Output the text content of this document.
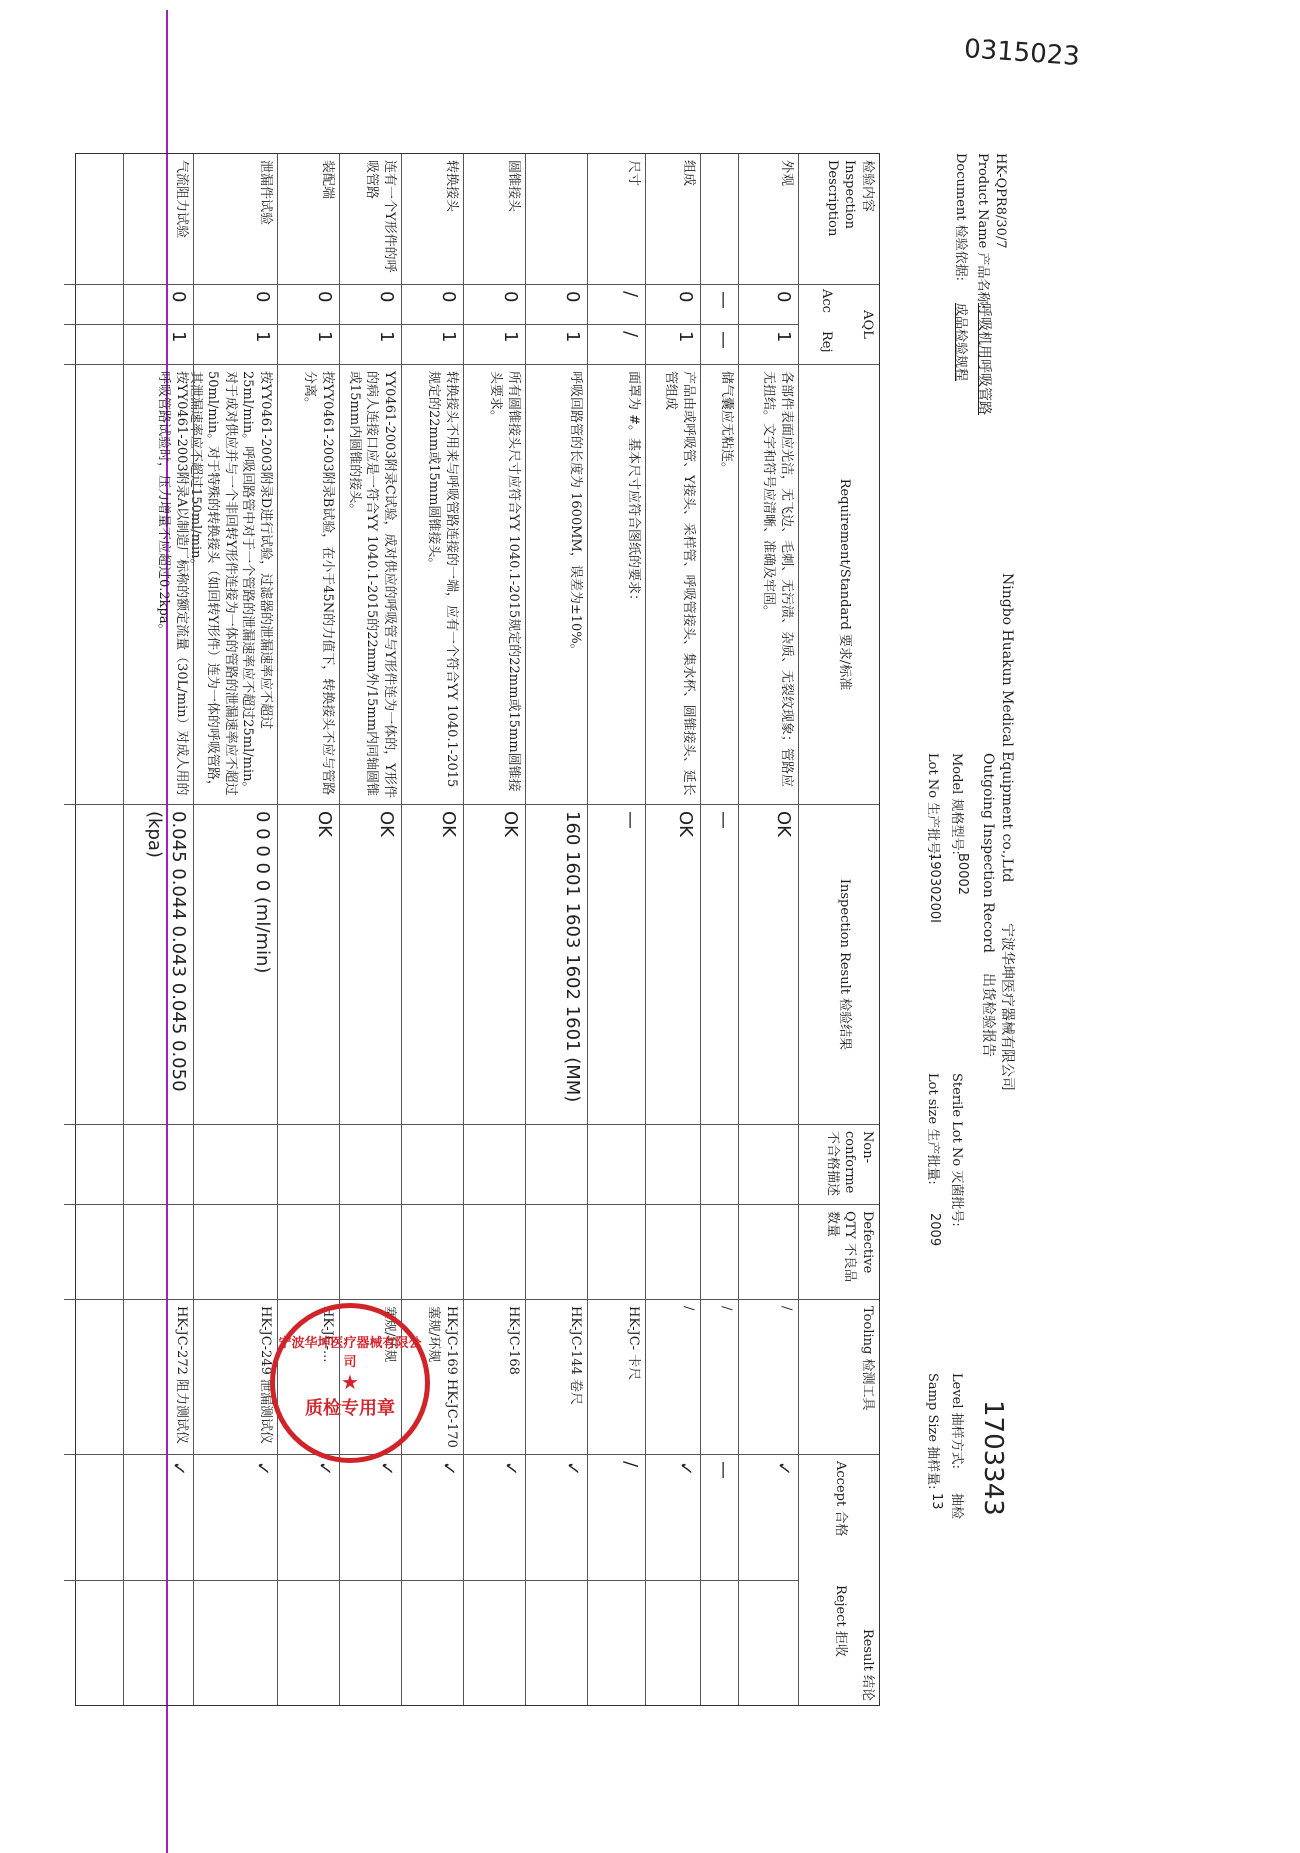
0315023
1703343
HK-QPR8/30/7
Product Name 产品名称:
呼吸机用呼吸管路
Document 检验依据:
成品检验规程
Ningbo Huakun Medical Equipment co.,Ltd
宁波华坤医疗器械有限公司
Outgoing Inspection Record
出货检验报告
Model 规格型号:
B0002
Lot No 生产批号:
19030200I
Sterile Lot No 灭菌批号:
Lot size 生产批量:
2009
Level 抽样方式:
抽检
Samp Size 抽样量:
13
检验内容 Inspection Description
AQL
Acc
Rej
Requirement/Standard 要求/标准
Inspection Result 检验结果
Non-conforme 不合格描述
Defective QTY 不良品数量
Tooling 检测工具
Result 结论
Accept 合格
Reject 拒收
外观
0
1
各部件表面应光洁，无飞边、毛刺、无污渍、杂质、无裂纹现象；管路应无扭结。文字和符号应清晰、准确及牢固。
OK
/
✓
—
—
储气囊应无粘连。
—
/
—
组成
0
1
产品由或呼吸管、Y接头、采样管、呼吸管接头、集水杯、圆锥接头、延长管组成
OK
/
✓
尺寸
/
/
面罩为 #。基本尺寸应符合图纸的要求：
—
HK-JC- 卡尺
/
0
1
呼吸回路管的长度为 1600MM，误差为±10%。
160 1601 1603 1602 1601 (MM)
HK-JC-144 卷尺
✓
圆锥接头
0
1
所有圆锥接头尺寸应符合YY 1040.1-2015规定的22mm或15mm圆锥接头要求。
OK
HK-JC-168
✓
转换接头
0
1
转换接头不用来与呼吸管路连接的一端，应有一个符合YY 1040.1-2015规定的22mm或15mm圆锥接头。
OK
HK-JC-169 HK-JC-170 塞规/环规
✓
连有一个Y形件的呼吸管路
0
1
YY0461-2003附录C试验，成对供应的呼吸管与Y形件连为一体的，Y形件的病人连接口应是一符合YY 1040.1-2015的22mm外/15mm内同轴圆锥或15mm内圆锥的接头。
OK
塞规/环规
✓
装配端
0
1
按YY0461-2003附录B试验，在小于45N的力值下，转换接头不应与管路分离。
OK
HK-JC-...
✓
泄漏件试验
0
1
按YY0461-2003附录D进行试验，过滤器的泄漏速率应不超过25ml/min。呼吸回路管中对于一个管路的泄漏速率应不超过25ml/min。对于成对供应并与一个非回转Y形件连接为一体的管路的泄漏速率应不超过50ml/min。对于特殊的转换接头（如回转Y形件）连为一体的呼吸管路，其泄漏速率应不超过150ml/min。
0 0 0 0 0 (ml/min)
HK-JC-249 泄漏测试仪
✓
气流阻力试验
0
1
按YY0461-2003附录A以制造厂标称的额定流量（30L/min）对成人用的呼吸管路试验时，压力增量不应超过0.2kpa。
0.045 0.044 0.043 0.045 0.050 (kpa)
HK-JC-272 阻力测试仪
✓
宁波华坤医疗器械有限公司
★
质检专用章
